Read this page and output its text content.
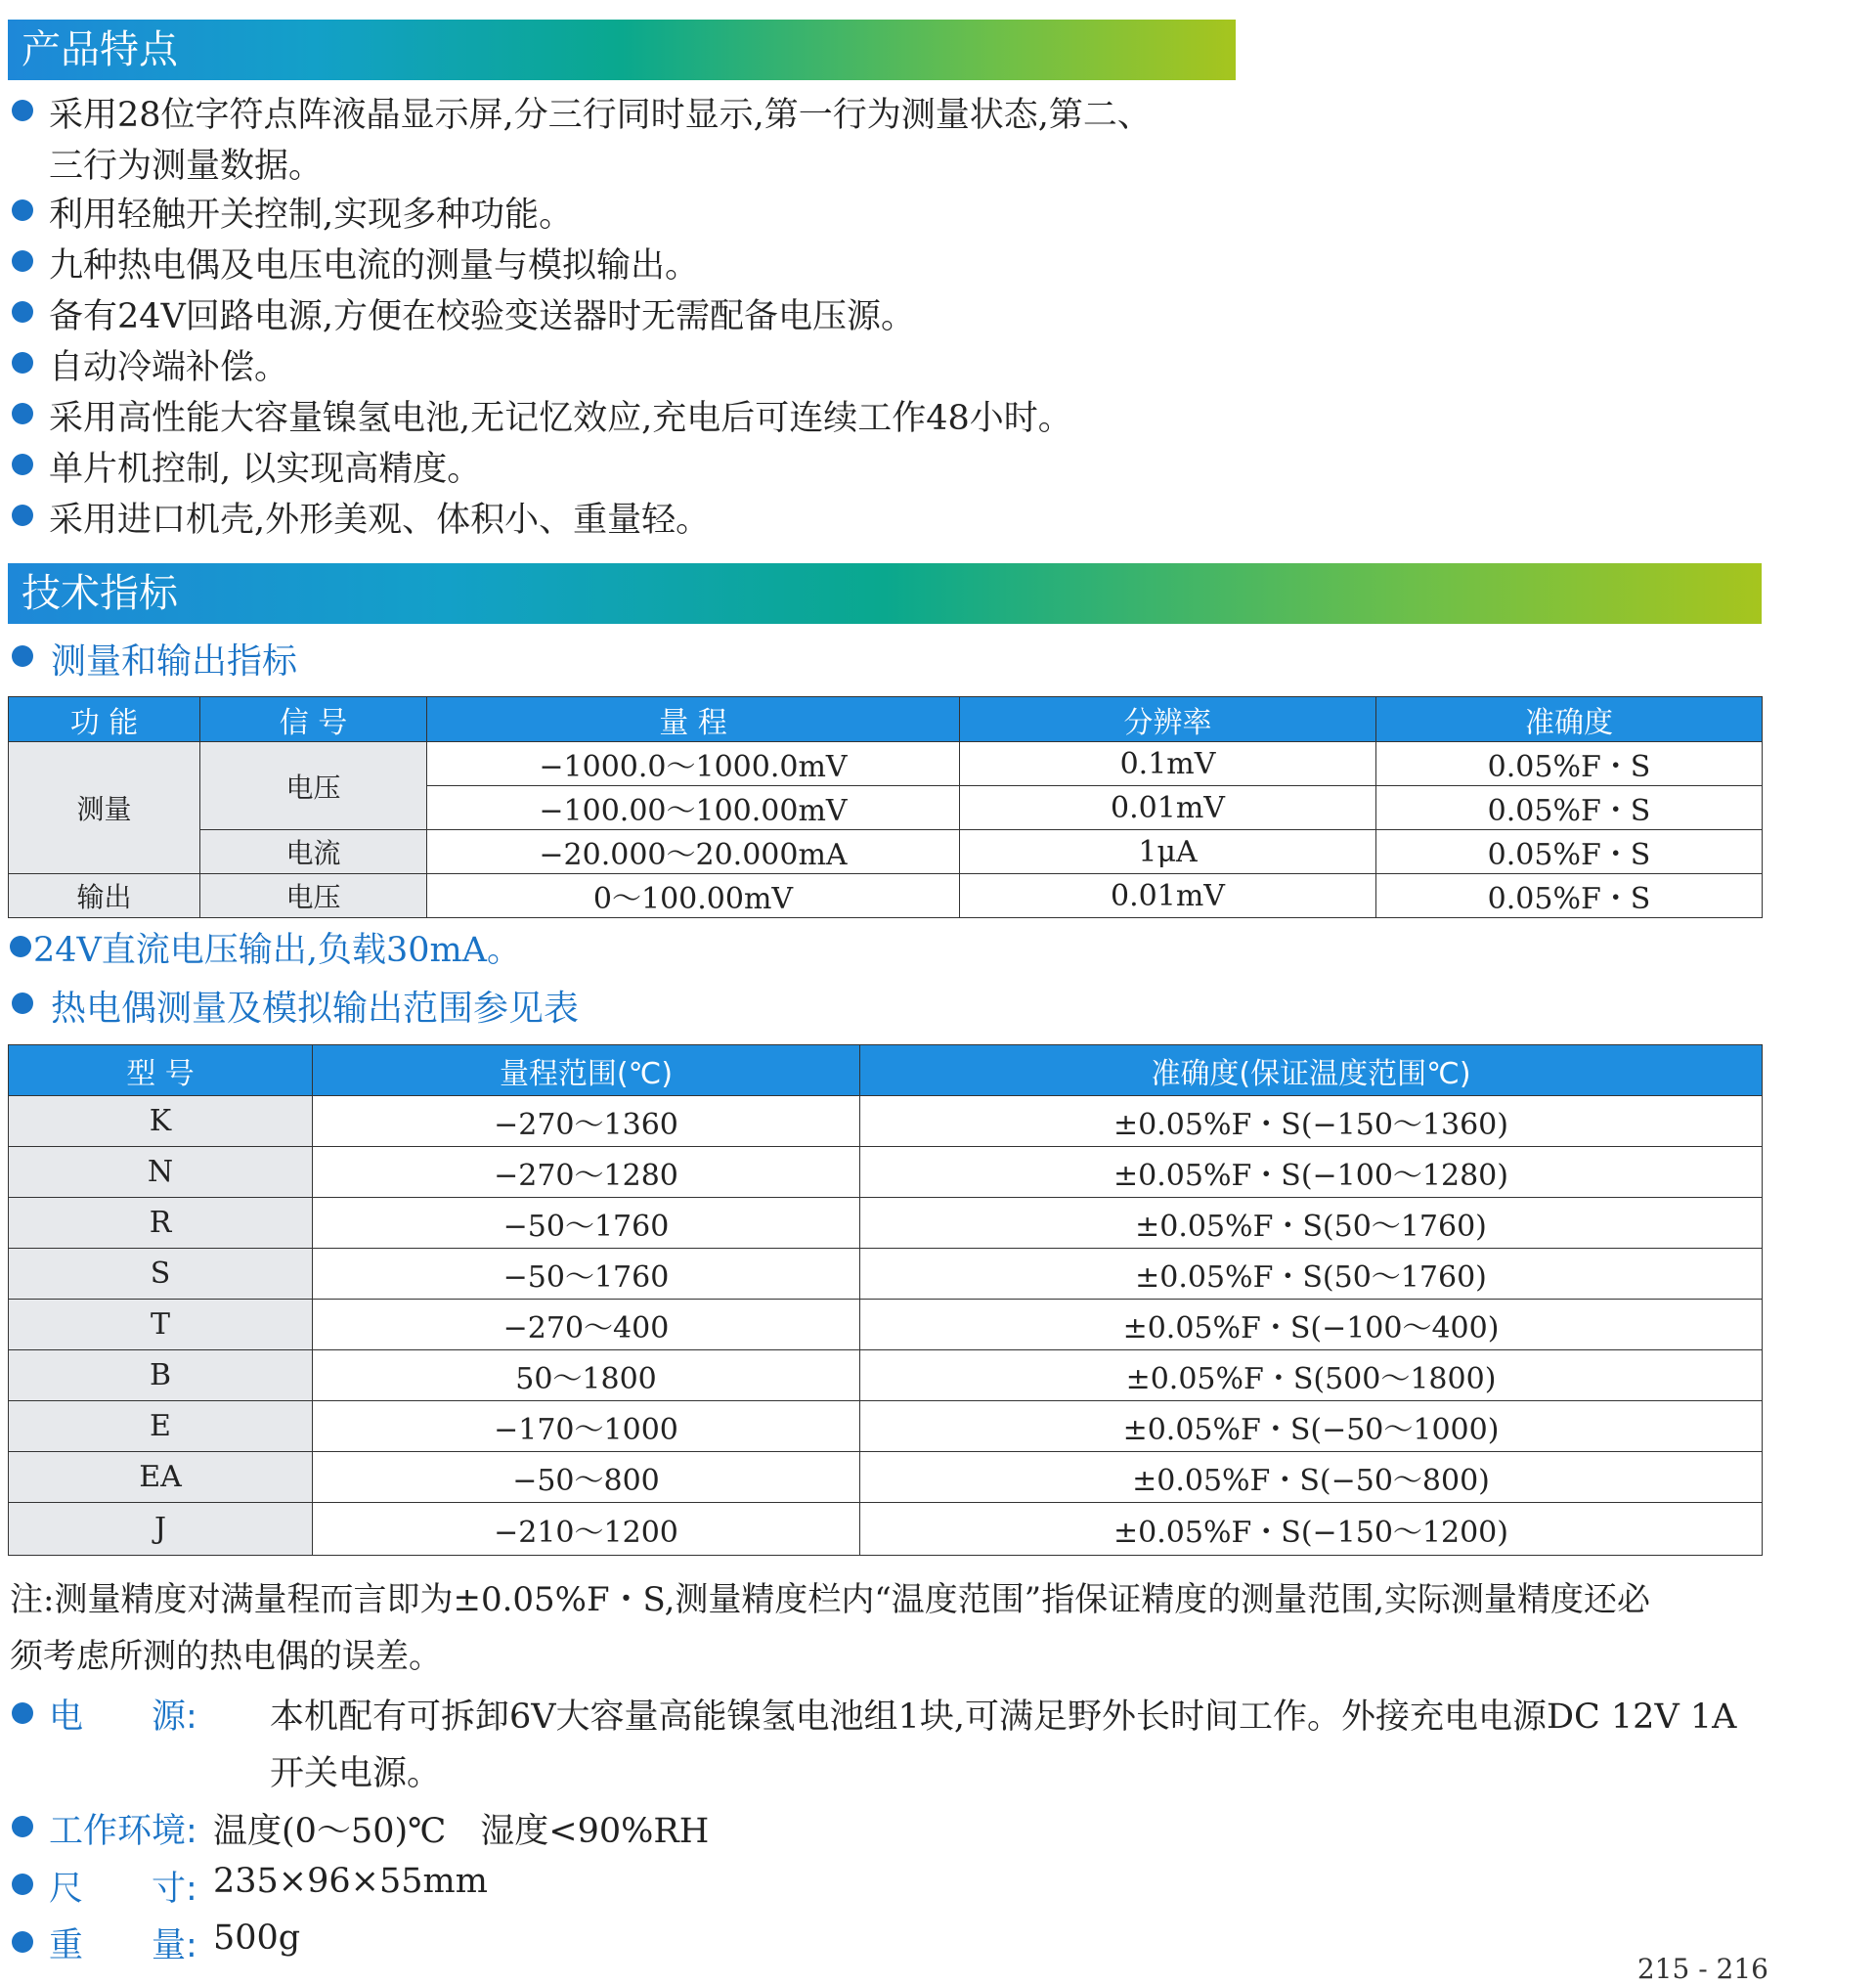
产品特点
采用28位字符点阵液晶显示屏,分三行同时显示,第一行为测量状态,第二、
三行为测量数据。
利用轻触开关控制,实现多种功能。
九种热电偶及电压电流的测量与模拟输出。
备有24V回路电源,方便在校验变送器时无需配备电压源。
自动冷端补偿。
采用高性能大容量镍氢电池,无记忆效应,充电后可连续工作48小时。
单片机控制, 以实现高精度。
采用进口机壳,外形美观、体积小、重量轻。
技术指标
测量和输出指标
功 能	信 号	量 程	分辨率	准确度
测量	电压	−1000.0～1000.0mV	0.1mV	0.05%F・S
		−100.00～100.00mV	0.01mV	0.05%F・S
	电流	−20.000～20.000mA	1μA	0.05%F・S
输出	电压	0～100.00mV	0.01mV	0.05%F・S
24V直流电压输出,负载30mA。
热电偶测量及模拟输出范围参见表
型 号	量程范围(℃)	准确度(保证温度范围℃)
K	−270～1360	±0.05%F・S(−150～1360)
N	−270～1280	±0.05%F・S(−100～1280)
R	−50～1760	±0.05%F・S(50～1760)
S	−50～1760	±0.05%F・S(50～1760)
T	−270～400	±0.05%F・S(−100～400)
B	50～1800	±0.05%F・S(500～1800)
E	−170～1000	±0.05%F・S(−50～1000)
EA	−50～800	±0.05%F・S(−50～800)
J	−210～1200	±0.05%F・S(−150～1200)
注:测量精度对满量程而言即为±0.05%F・S,测量精度栏内“温度范围”指保证精度的测量范围,实际测量精度还必
须考虑所测的热电偶的误差。
电　　源: 本机配有可拆卸6V大容量高能镍氢电池组1块,可满足野外长时间工作。外接充电电源DC 12V 1A
开关电源。
工作环境: 温度(0～50)℃　湿度<90%RH
尺　　寸: 235×96×55mm
重　　量: 500g
215 - 216
